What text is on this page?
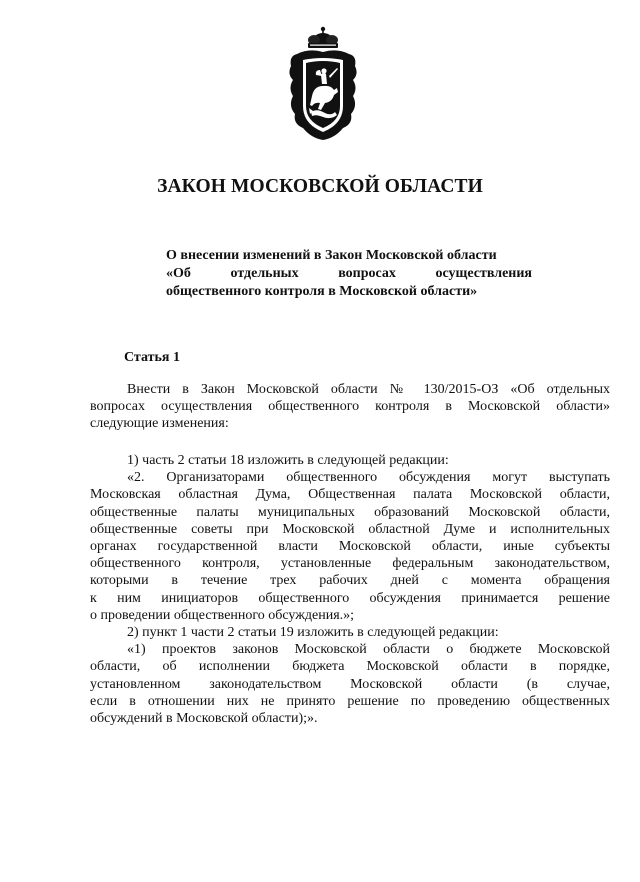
ЗАКОН МОСКОВСКОЙ ОБЛАСТИ
О внесении изменений в Закон Московской области
«Об отдельных вопросах осуществления
общественного контроля в Московской области»
Статья 1
Внести в Закон Московской области № 130/2015-ОЗ «Об отдельных
вопросах осуществления общественного контроля в Московской области»
следующие изменения:
1) часть 2 статьи 18 изложить в следующей редакции:
«2. Организаторами общественного обсуждения могут выступать
Московская областная Дума, Общественная палата Московской области,
общественные палаты муниципальных образований Московской области,
общественные советы при Московской областной Думе и исполнительных
органах государственной власти Московской области, иные субъекты
общественного контроля, установленные федеральным законодательством,
которыми в течение трех рабочих дней с момента обращения
к ним инициаторов общественного обсуждения принимается решение
о проведении общественного обсуждения.»;
2) пункт 1 части 2 статьи 19 изложить в следующей редакции:
«1) проектов законов Московской области о бюджете Московской
области, об исполнении бюджета Московской области в порядке,
установленном законодательством Московской области (в случае,
если в отношении них не принято решение по проведению общественных
обсуждений в Московской области);».
